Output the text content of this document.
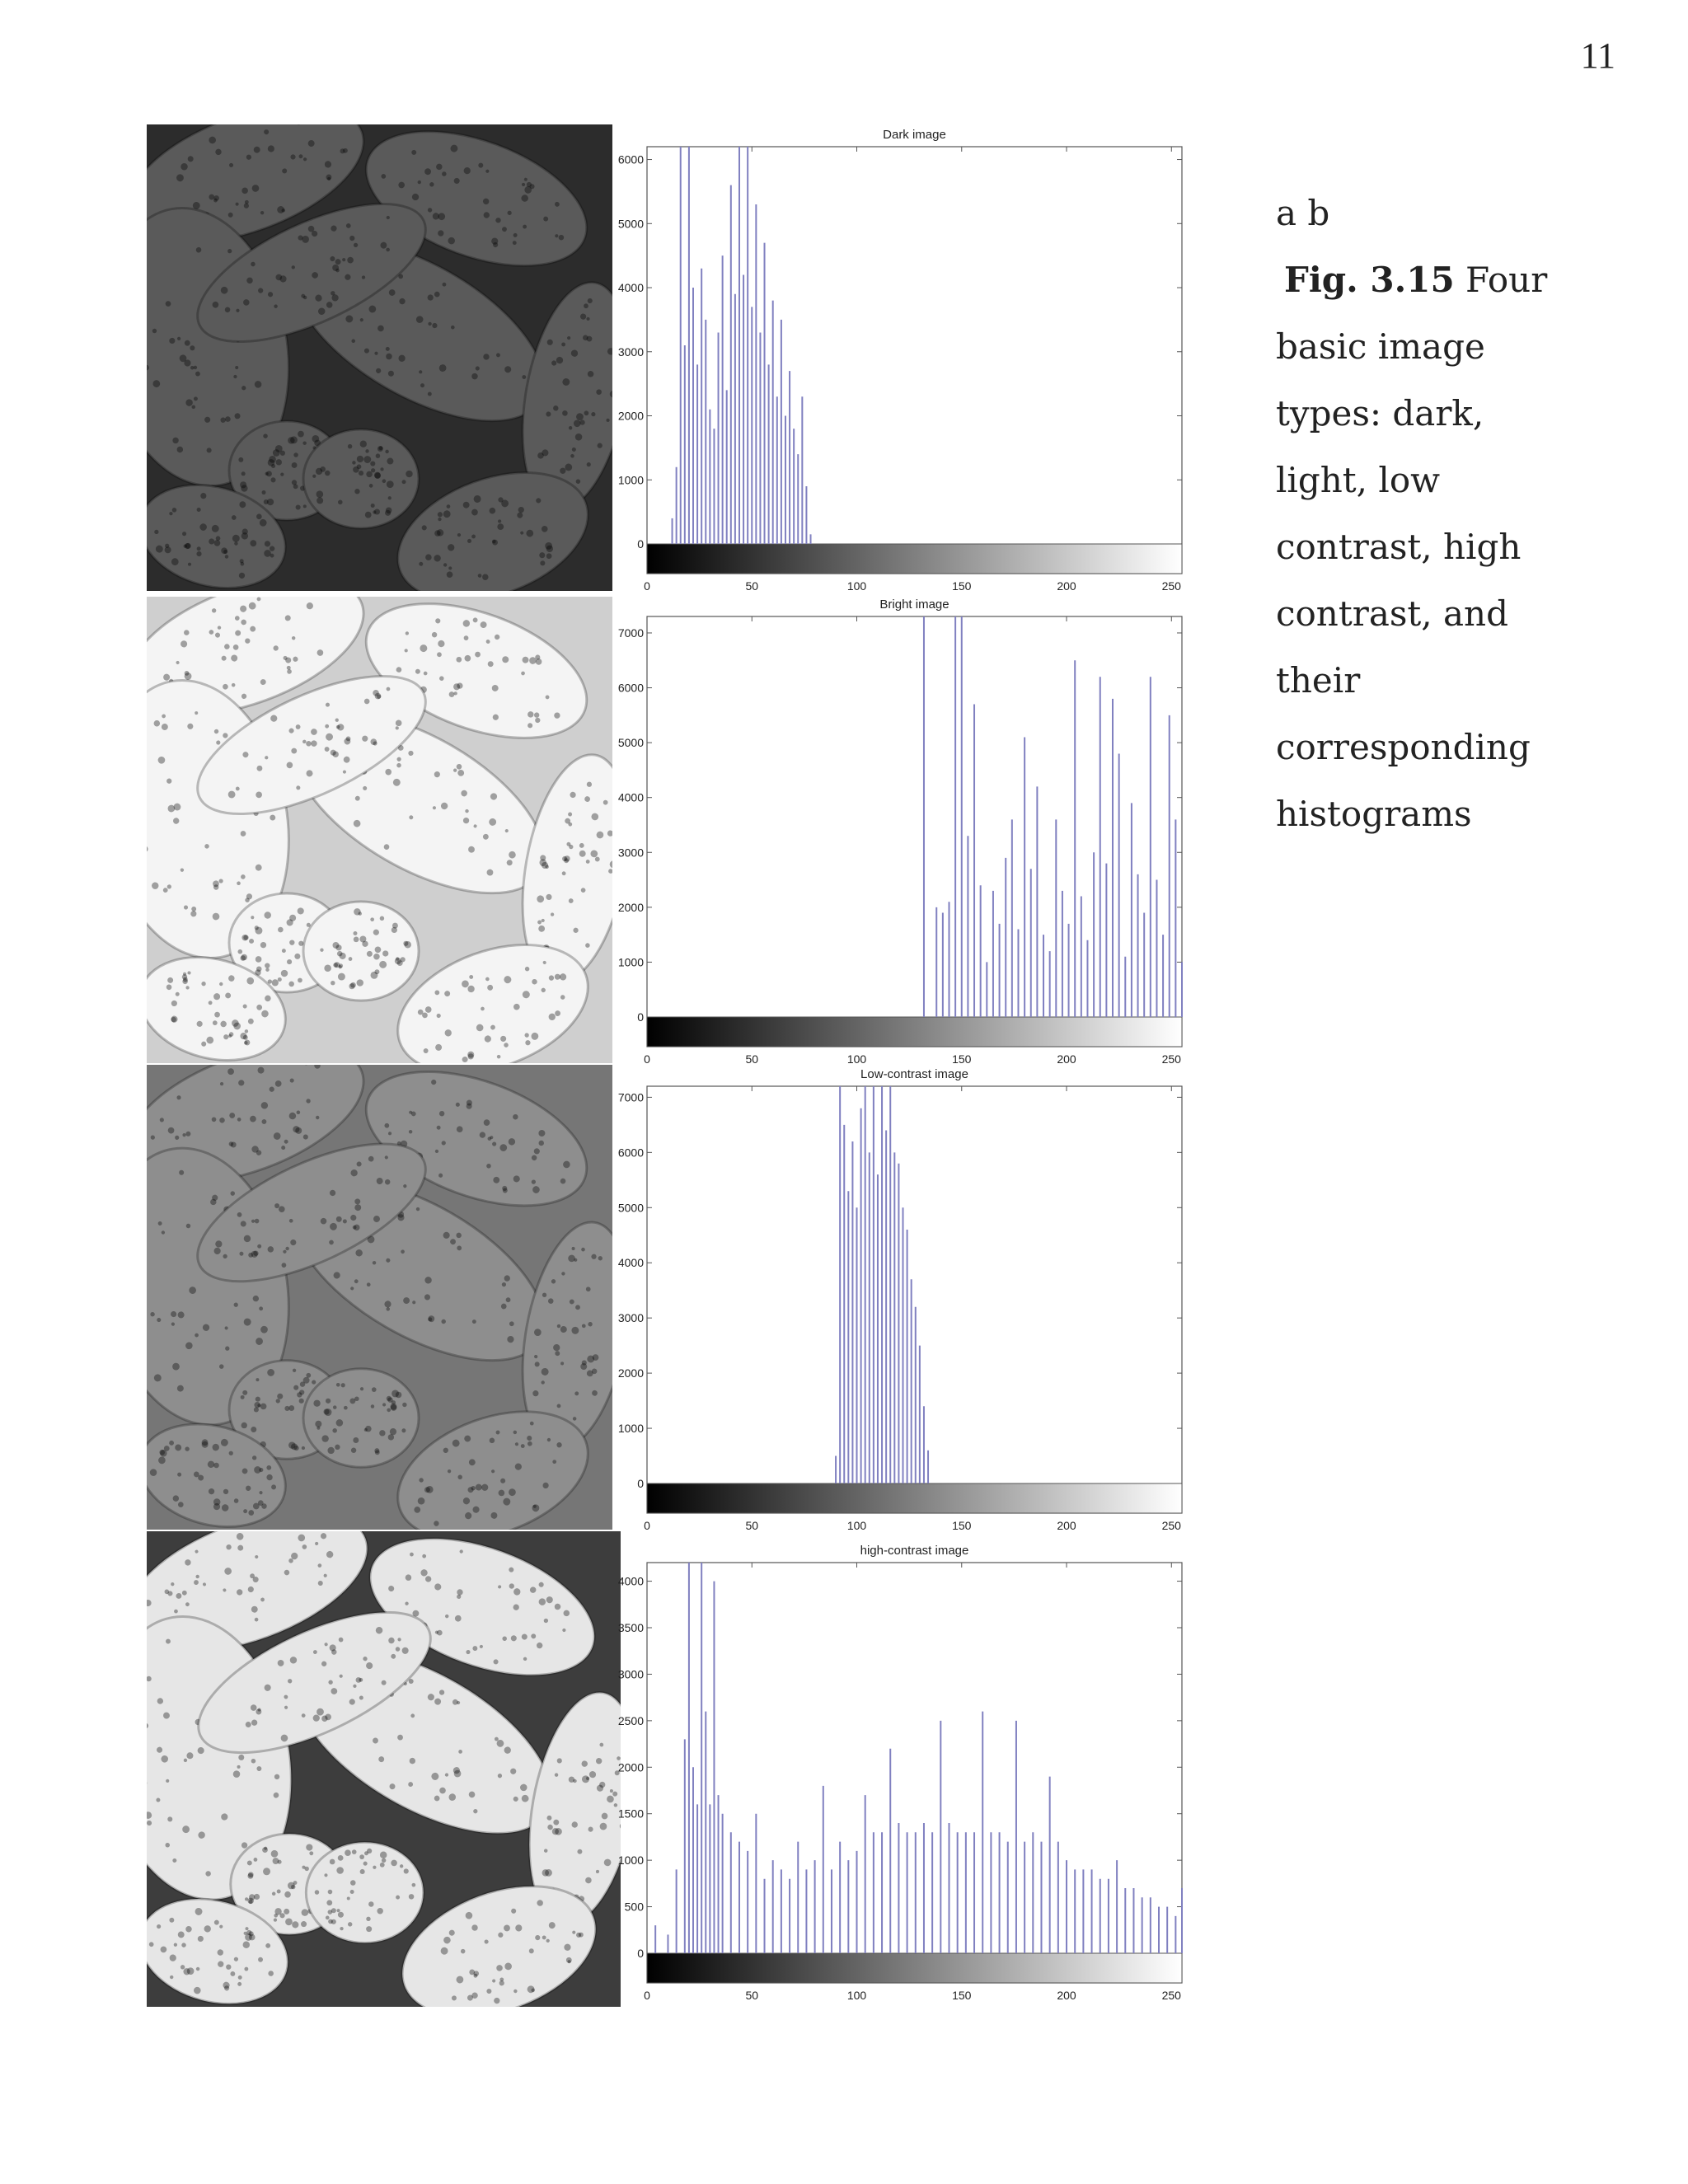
11
Dark image
0
1000
2000
3000
4000
5000
6000
0	50	100	150	200	250
Bright image
0
1000
2000
3000
4000
5000
6000
7000
0	50	100	150	200	250
Low-contrast image
0
1000
2000
3000
4000
5000
6000
7000
0	50	100	150	200	250
high-contrast image
0
500
1000
1500
2000
2500
3000
3500
4000
0	50	100	150	200	250
a b
Fig. 3.15 Four basic image types: dark, light, low contrast, high contrast, and their corresponding histograms
